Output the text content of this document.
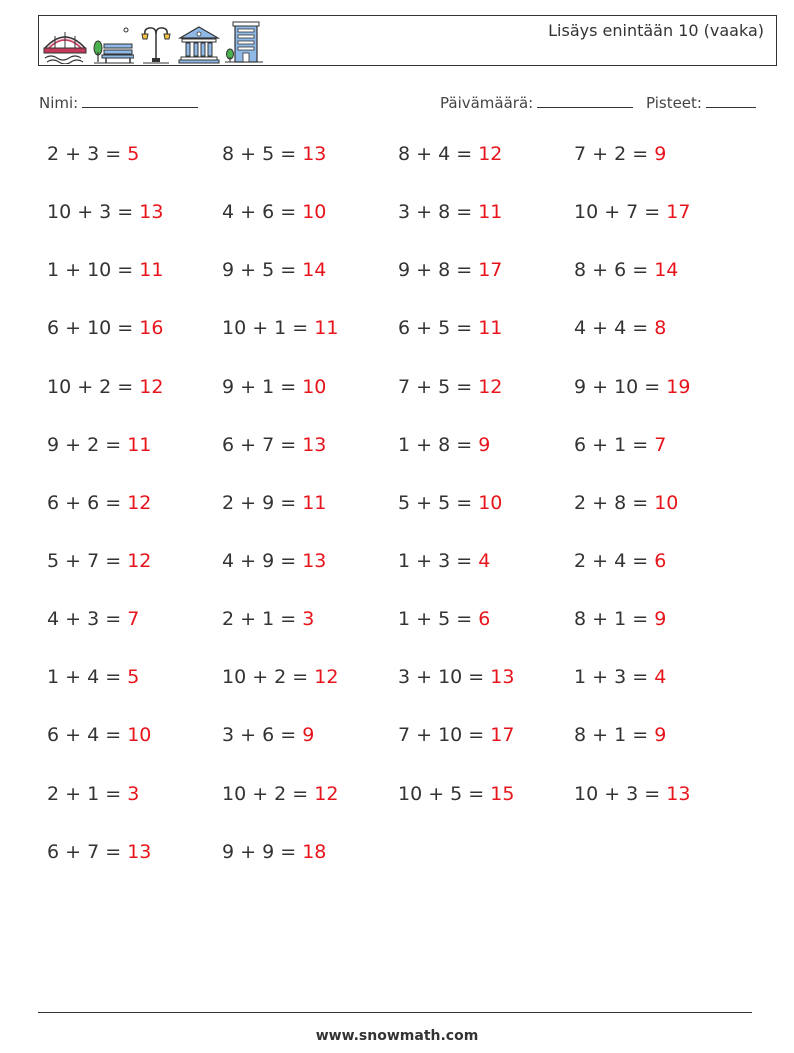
Lisäys enintään 10 (vaaka)
Nimi:	Päivämäärä:	Pisteet:
2 + 3 = 5	8 + 5 = 13	8 + 4 = 12	7 + 2 = 9
10 + 3 = 13	4 + 6 = 10	3 + 8 = 11	10 + 7 = 17
1 + 10 = 11	9 + 5 = 14	9 + 8 = 17	8 + 6 = 14
6 + 10 = 16	10 + 1 = 11	6 + 5 = 11	4 + 4 = 8
10 + 2 = 12	9 + 1 = 10	7 + 5 = 12	9 + 10 = 19
9 + 2 = 11	6 + 7 = 13	1 + 8 = 9	6 + 1 = 7
6 + 6 = 12	2 + 9 = 11	5 + 5 = 10	2 + 8 = 10
5 + 7 = 12	4 + 9 = 13	1 + 3 = 4	2 + 4 = 6
4 + 3 = 7	2 + 1 = 3	1 + 5 = 6	8 + 1 = 9
1 + 4 = 5	10 + 2 = 12	3 + 10 = 13	1 + 3 = 4
6 + 4 = 10	3 + 6 = 9	7 + 10 = 17	8 + 1 = 9
2 + 1 = 3	10 + 2 = 12	10 + 5 = 15	10 + 3 = 13
6 + 7 = 13	9 + 9 = 18
www.snowmath.com
